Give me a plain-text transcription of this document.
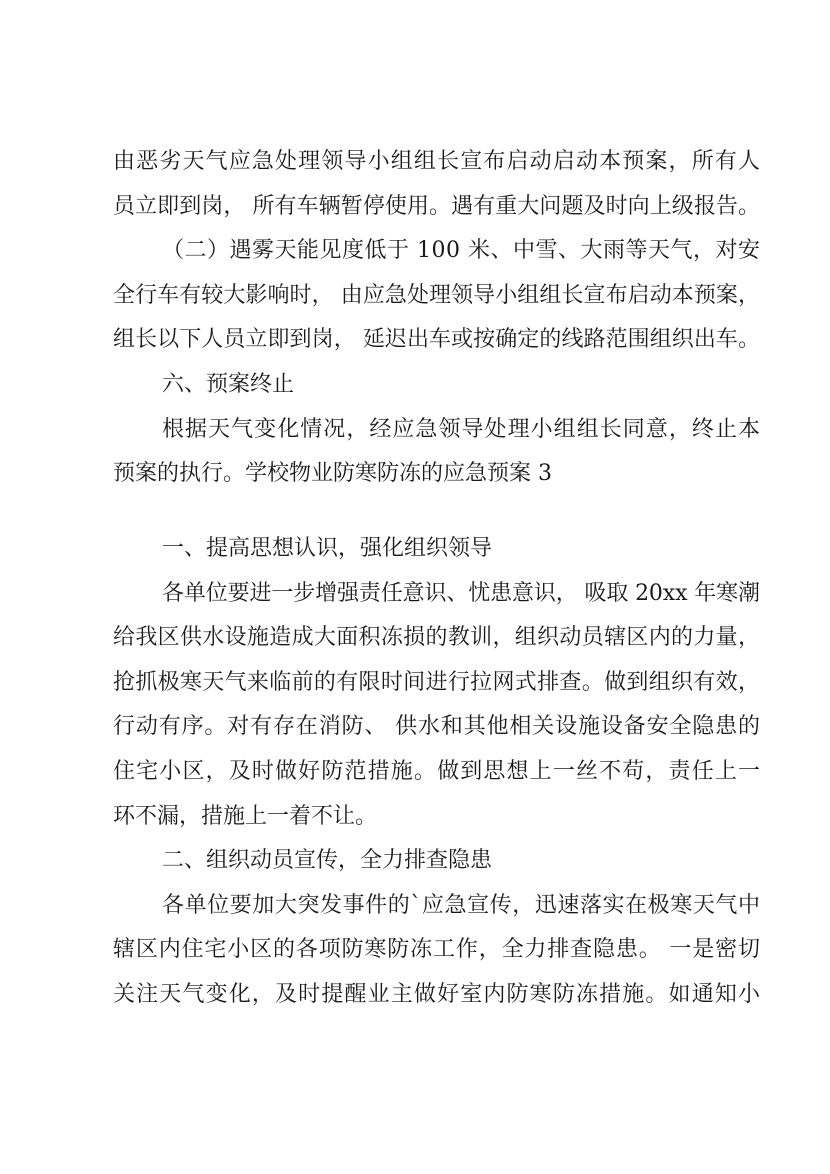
由恶劣天气应急处理领导小组组长宣布启动启动本预案，所有人
员立即到岗， 所有车辆暂停使用。遇有重大问题及时向上级报告。
（二）遇雾天能见度低于 100 米、中雪、大雨等天气，对安
全行车有较大影响时， 由应急处理领导小组组长宣布启动本预案，
组长以下人员立即到岗， 延迟出车或按确定的线路范围组织出车。
六、预案终止
根据天气变化情况，经应急领导处理小组组长同意，终止本
预案的执行。学校物业防寒防冻的应急预案 3
一、提高思想认识，强化组织领导
各单位要进一步增强责任意识、忧患意识， 吸取 20xx 年寒潮
给我区供水设施造成大面积冻损的教训，组织动员辖区内的力量，
抢抓极寒天气来临前的有限时间进行拉网式排查。做到组织有效，
行动有序。对有存在消防、 供水和其他相关设施设备安全隐患的
住宅小区，及时做好防范措施。做到思想上一丝不苟，责任上一
环不漏，措施上一着不让。
二、组织动员宣传，全力排查隐患
各单位要加大突发事件的`应急宣传，迅速落实在极寒天气中
辖区内住宅小区的各项防寒防冻工作，全力排查隐患。 一是密切
关注天气变化，及时提醒业主做好室内防寒防冻措施。如通知小
